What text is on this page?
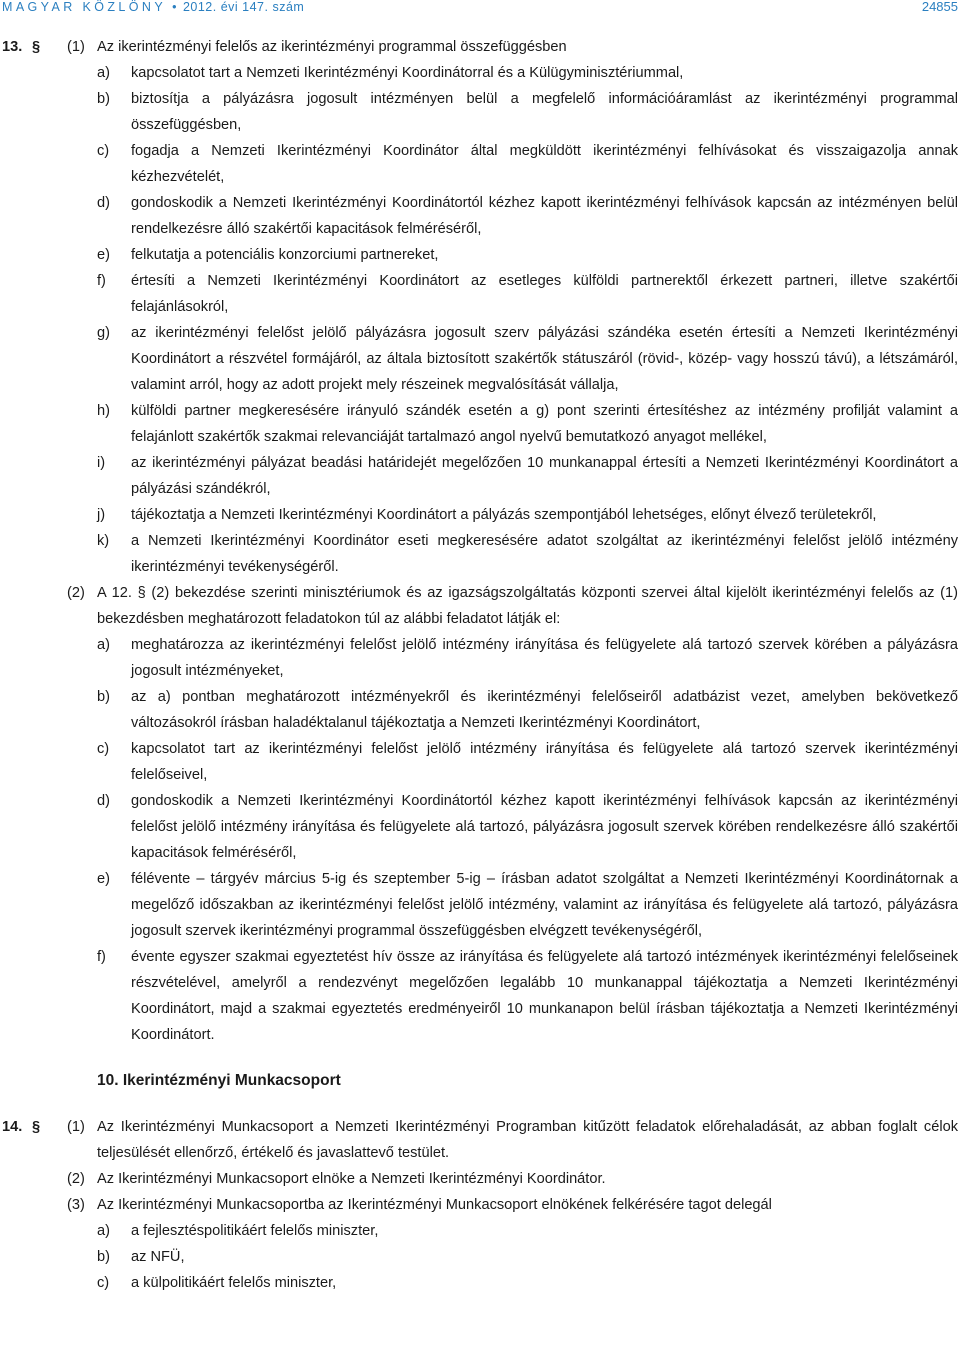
MAGYAR KÖZLÖNY • 2012. évi 147. szám	24855
13. § (1) Az ikerintézményi felelős az ikerintézményi programmal összefüggésben
a) kapcsolatot tart a Nemzeti Ikerintézményi Koordinátorral és a Külügyminisztériummal,
b) biztosítja a pályázásra jogosult intézményen belül a megfelelő információáramlást az ikerintézményi programmal összefüggésben,
c) fogadja a Nemzeti Ikerintézményi Koordinátor által megküldött ikerintézményi felhívásokat és visszaigazolja annak kézhezvételét,
d) gondoskodik a Nemzeti Ikerintézményi Koordinátortól kézhez kapott ikerintézményi felhívások kapcsán az intézményen belül rendelkezésre álló szakértői kapacitások felméréséről,
e) felkutatja a potenciális konzorciumi partnereket,
f) értesíti a Nemzeti Ikerintézményi Koordinátort az esetleges külföldi partnerektől érkezett partneri, illetve szakértői felajánlásokról,
g) az ikerintézményi felelőst jelölő pályázásra jogosult szerv pályázási szándéka esetén értesíti a Nemzeti Ikerintézményi Koordinátort a részvétel formájáról, az általa biztosított szakértők státuszáról (rövid-, közép- vagy hosszú távú), a létszámáról, valamint arról, hogy az adott projekt mely részeinek megvalósítását vállalja,
h) külföldi partner megkeresésére irányuló szándék esetén a g) pont szerinti értesítéshez az intézmény profilját valamint a felajánlott szakértők szakmai relevanciáját tartalmazó angol nyelvű bemutatkozó anyagot mellékel,
i) az ikerintézményi pályázat beadási határidejét megelőzően 10 munkanappal értesíti a Nemzeti Ikerintézményi Koordinátort a pályázási szándékról,
j) tájékoztatja a Nemzeti Ikerintézményi Koordinátort a pályázás szempontjából lehetséges, előnyt élvező területekről,
k) a Nemzeti Ikerintézményi Koordinátor eseti megkeresésére adatot szolgáltat az ikerintézményi felelőst jelölő intézmény ikerintézményi tevékenységéről.
(2) A 12. § (2) bekezdése szerinti minisztériumok és az igazságszolgáltatás központi szervei által kijelölt ikerintézményi felelős az (1) bekezdésben meghatározott feladatokon túl az alábbi feladatot látják el:
a) meghatározza az ikerintézményi felelőst jelölő intézmény irányítása és felügyelete alá tartozó szervek körében a pályázásra jogosult intézményeket,
b) az a) pontban meghatározott intézményekről és ikerintézményi felelőseiről adatbázist vezet, amelyben bekövetkező változásokról írásban haladéktalanul tájékoztatja a Nemzeti Ikerintézményi Koordinátort,
c) kapcsolatot tart az ikerintézményi felelőst jelölő intézmény irányítása és felügyelete alá tartozó szervek ikerintézményi felelőseivel,
d) gondoskodik a Nemzeti Ikerintézményi Koordinátortól kézhez kapott ikerintézményi felhívások kapcsán az ikerintézményi felelőst jelölő intézmény irányítása és felügyelete alá tartozó, pályázásra jogosult szervek körében rendelkezésre álló szakértői kapacitások felméréséről,
e) félévente – tárgyév március 5-ig és szeptember 5-ig – írásban adatot szolgáltat a Nemzeti Ikerintézményi Koordinátornak a megelőző időszakban az ikerintézményi felelőst jelölő intézmény, valamint az irányítása és felügyelete alá tartozó, pályázásra jogosult szervek ikerintézményi programmal összefüggésben elvégzett tevékenységéről,
f) évente egyszer szakmai egyeztetést hív össze az irányítása és felügyelete alá tartozó intézmények ikerintézményi felelőseinek részvételével, amelyről a rendezvényt megelőzően legalább 10 munkanappal tájékoztatja a Nemzeti Ikerintézményi Koordinátort, majd a szakmai egyeztetés eredményeiről 10 munkanapon belül írásban tájékoztatja a Nemzeti Ikerintézményi Koordinátort.
10. Ikerintézményi Munkacsoport
14. § (1) Az Ikerintézményi Munkacsoport a Nemzeti Ikerintézményi Programban kitűzött feladatok előrehaladását, az abban foglalt célok teljesülését ellenőrző, értékelő és javaslattevő testület.
(2) Az Ikerintézményi Munkacsoport elnöke a Nemzeti Ikerintézményi Koordinátor.
(3) Az Ikerintézményi Munkacsoportba az Ikerintézményi Munkacsoport elnökének felkérésére tagot delegál
a) a fejlesztéspolitikáért felelős miniszter,
b) az NFÜ,
c) a külpolitikáért felelős miniszter,
